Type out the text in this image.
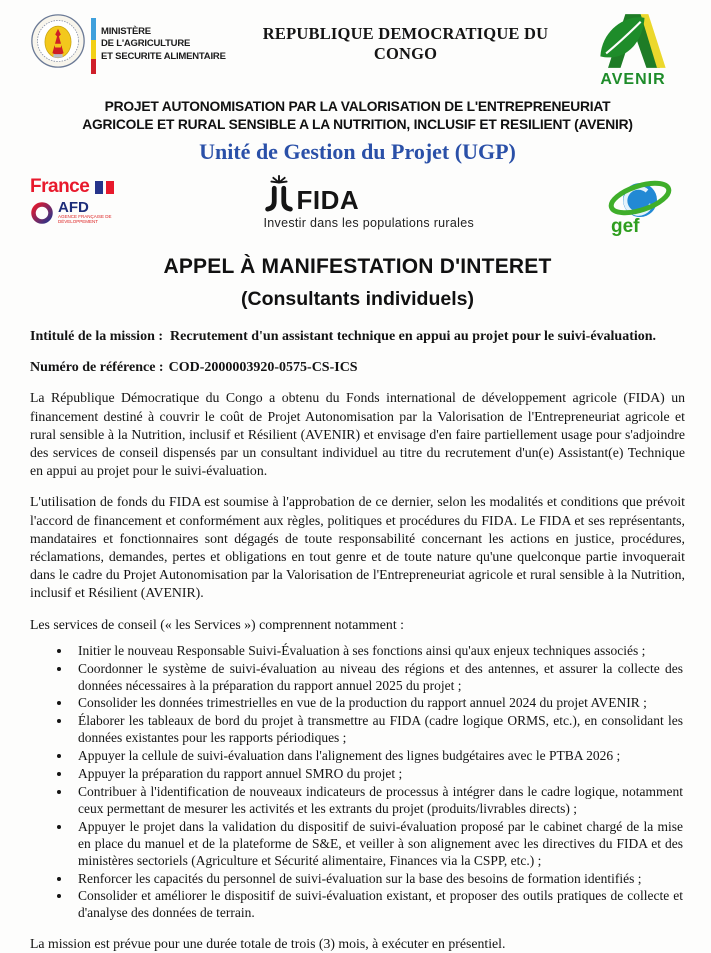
MINISTÈRE
DE L'AGRICULTURE
ET SECURITE ALIMENTAIRE
REPUBLIQUE DEMOCRATIQUE DU CONGO
AVENIR
PROJET AUTONOMISATION PAR LA VALORISATION DE L'ENTREPRENEURIAT
AGRICOLE ET RURAL SENSIBLE A LA NUTRITION, INCLUSIF ET RESILIENT (AVENIR)
Unité de Gestion du Projet (UGP)
France
AFD
AGENCE FRANÇAISE DE DÉVELOPPEMENT
FIDA
Investir dans les populations rurales	gef
APPEL À MANIFESTATION D'INTERET
(Consultants individuels)
Intitulé de la mission : Recrutement d'un assistant technique en appui au projet pour le suivi-évaluation.
Numéro de référence : COD-2000003920-0575-CS-ICS

La République Démocratique du Congo a obtenu du Fonds international de développement agricole (FIDA) un financement destiné à couvrir le coût de Projet Autonomisation par la Valorisation de l'Entrepreneuriat agricole et rural sensible à la Nutrition, inclusif et Résilient (AVENIR) et envisage d'en faire partiellement usage pour s'adjoindre des services de conseil dispensés par un consultant individuel au titre du recrutement d'un(e) Assistant(e) Technique en appui au projet pour le suivi-évaluation.

L'utilisation de fonds du FIDA est soumise à l'approbation de ce dernier, selon les modalités et conditions que prévoit l'accord de financement et conformément aux règles, politiques et procédures du FIDA. Le FIDA et ses représentants, mandataires et fonctionnaires sont dégagés de toute responsabilité concernant les actions en justice, procédures, réclamations, demandes, pertes et obligations en tout genre et de toute nature qu'une quelconque partie invoquerait dans le cadre du Projet Autonomisation par la Valorisation de l'Entrepreneuriat agricole et rural sensible à la Nutrition, inclusif et Résilient (AVENIR).

Les services de conseil (« les Services ») comprennent notamment :

• Initier le nouveau Responsable Suivi-Évaluation à ses fonctions ainsi qu'aux enjeux techniques associés ;
• Coordonner le système de suivi-évaluation au niveau des régions et des antennes, et assurer la collecte des données nécessaires à la préparation du rapport annuel 2025 du projet ;
• Consolider les données trimestrielles en vue de la production du rapport annuel 2024 du projet AVENIR ;
• Élaborer les tableaux de bord du projet à transmettre au FIDA (cadre logique ORMS, etc.), en consolidant les données existantes pour les rapports périodiques ;
• Appuyer la cellule de suivi-évaluation dans l'alignement des lignes budgétaires avec le PTBA 2026 ;
• Appuyer la préparation du rapport annuel SMRO du projet ;
• Contribuer à l'identification de nouveaux indicateurs de processus à intégrer dans le cadre logique, notamment ceux permettant de mesurer les activités et les extrants du projet (produits/livrables directs) ;
• Appuyer le projet dans la validation du dispositif de suivi-évaluation proposé par le cabinet chargé de la mise en place du manuel et de la plateforme de S&E, et veiller à son alignement avec les directives du FIDA et des ministères sectoriels (Agriculture et Sécurité alimentaire, Finances via la CSPP, etc.) ;
• Renforcer les capacités du personnel de suivi-évaluation sur la base des besoins de formation identifiés ;
• Consolider et améliorer le dispositif de suivi-évaluation existant, et proposer des outils pratiques de collecte et d'analyse des données de terrain.

La mission est prévue pour une durée totale de trois (3) mois, à exécuter en présentiel.
